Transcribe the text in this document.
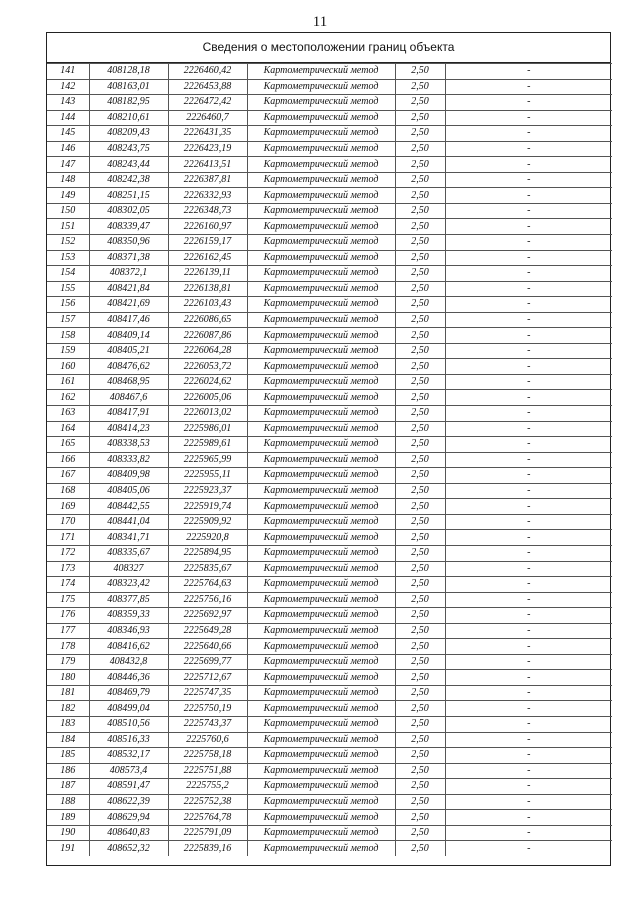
11
Сведения о местоположении границ объекта
141	408128,18	2226460,42	Картометрический метод	2,50	-
142	408163,01	2226453,88	Картометрический метод	2,50	-
143	408182,95	2226472,42	Картометрический метод	2,50	-
144	408210,61	2226460,7	Картометрический метод	2,50	-
145	408209,43	2226431,35	Картометрический метод	2,50	-
146	408243,75	2226423,19	Картометрический метод	2,50	-
147	408243,44	2226413,51	Картометрический метод	2,50	-
148	408242,38	2226387,81	Картометрический метод	2,50	-
149	408251,15	2226332,93	Картометрический метод	2,50	-
150	408302,05	2226348,73	Картометрический метод	2,50	-
151	408339,47	2226160,97	Картометрический метод	2,50	-
152	408350,96	2226159,17	Картометрический метод	2,50	-
153	408371,38	2226162,45	Картометрический метод	2,50	-
154	408372,1	2226139,11	Картометрический метод	2,50	-
155	408421,84	2226138,81	Картометрический метод	2,50	-
156	408421,69	2226103,43	Картометрический метод	2,50	-
157	408417,46	2226086,65	Картометрический метод	2,50	-
158	408409,14	2226087,86	Картометрический метод	2,50	-
159	408405,21	2226064,28	Картометрический метод	2,50	-
160	408476,62	2226053,72	Картометрический метод	2,50	-
161	408468,95	2226024,62	Картометрический метод	2,50	-
162	408467,6	2226005,06	Картометрический метод	2,50	-
163	408417,91	2226013,02	Картометрический метод	2,50	-
164	408414,23	2225986,01	Картометрический метод	2,50	-
165	408338,53	2225989,61	Картометрический метод	2,50	-
166	408333,82	2225965,99	Картометрический метод	2,50	-
167	408409,98	2225955,11	Картометрический метод	2,50	-
168	408405,06	2225923,37	Картометрический метод	2,50	-
169	408442,55	2225919,74	Картометрический метод	2,50	-
170	408441,04	2225909,92	Картометрический метод	2,50	-
171	408341,71	2225920,8	Картометрический метод	2,50	-
172	408335,67	2225894,95	Картометрический метод	2,50	-
173	408327	2225835,67	Картометрический метод	2,50	-
174	408323,42	2225764,63	Картометрический метод	2,50	-
175	408377,85	2225756,16	Картометрический метод	2,50	-
176	408359,33	2225692,97	Картометрический метод	2,50	-
177	408346,93	2225649,28	Картометрический метод	2,50	-
178	408416,62	2225640,66	Картометрический метод	2,50	-
179	408432,8	2225699,77	Картометрический метод	2,50	-
180	408446,36	2225712,67	Картометрический метод	2,50	-
181	408469,79	2225747,35	Картометрический метод	2,50	-
182	408499,04	2225750,19	Картометрический метод	2,50	-
183	408510,56	2225743,37	Картометрический метод	2,50	-
184	408516,33	2225760,6	Картометрический метод	2,50	-
185	408532,17	2225758,18	Картометрический метод	2,50	-
186	408573,4	2225751,88	Картометрический метод	2,50	-
187	408591,47	2225755,2	Картометрический метод	2,50	-
188	408622,39	2225752,38	Картометрический метод	2,50	-
189	408629,94	2225764,78	Картометрический метод	2,50	-
190	408640,83	2225791,09	Картометрический метод	2,50	-
191	408652,32	2225839,16	Картометрический метод	2,50	-
